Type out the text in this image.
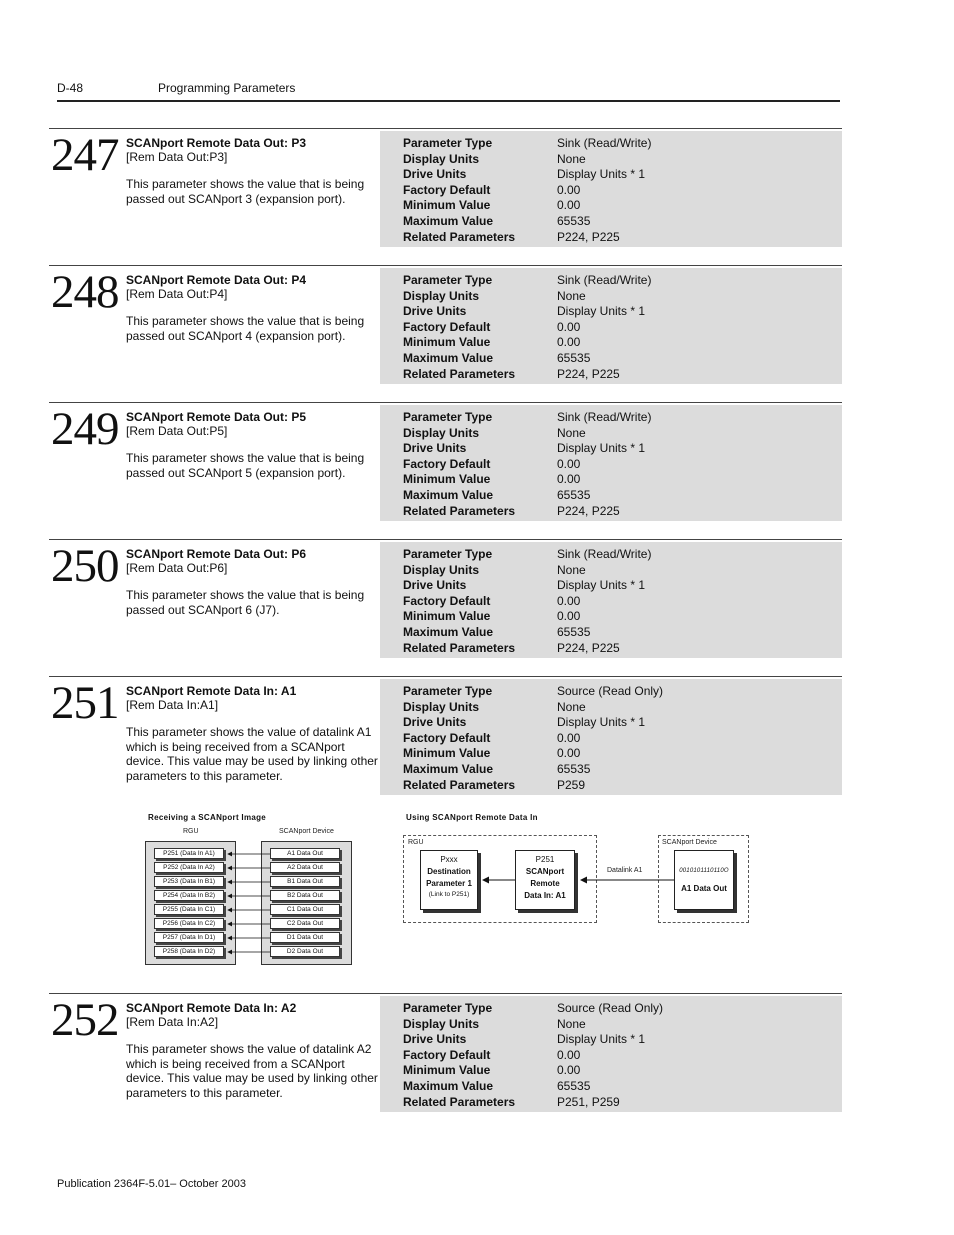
D-48	Programming Parameters
247 SCANport Remote Data Out: P3
[Rem Data Out:P3]
This parameter shows the value that is being passed out SCANport 3 (expansion port).
Parameter Type	Sink (Read/Write)
Display Units	None
Drive Units	Display Units * 1
Factory Default	0.00
Minimum Value	0.00
Maximum Value	65535
Related Parameters	P224, P225
248 SCANport Remote Data Out: P4
[Rem Data Out:P4]
This parameter shows the value that is being passed out SCANport 4 (expansion port).
Parameter Type	Sink (Read/Write)
Display Units	None
Drive Units	Display Units * 1
Factory Default	0.00
Minimum Value	0.00
Maximum Value	65535
Related Parameters	P224, P225
249 SCANport Remote Data Out: P5
[Rem Data Out:P5]
This parameter shows the value that is being passed out SCANport 5 (expansion port).
Parameter Type	Sink (Read/Write)
Display Units	None
Drive Units	Display Units * 1
Factory Default	0.00
Minimum Value	0.00
Maximum Value	65535
Related Parameters	P224, P225
250 SCANport Remote Data Out: P6
[Rem Data Out:P6]
This parameter shows the value that is being passed out SCANport 6 (J7).
Parameter Type	Sink (Read/Write)
Display Units	None
Drive Units	Display Units * 1
Factory Default	0.00
Minimum Value	0.00
Maximum Value	65535
Related Parameters	P224, P225
251 SCANport Remote Data In: A1
[Rem Data In:A1]
This parameter shows the value of datalink A1 which is being received from a SCANport device. This value may be used by linking other parameters to this parameter.
Parameter Type	Source (Read Only)
Display Units	None
Drive Units	Display Units * 1
Factory Default	0.00
Minimum Value	0.00
Maximum Value	65535
Related Parameters	P259
252 SCANport Remote Data In: A2
[Rem Data In:A2]
This parameter shows the value of datalink A2 which is being received from a SCANport device. This value may be used by linking other parameters to this parameter.
Parameter Type	Source (Read Only)
Display Units	None
Drive Units	Display Units * 1
Factory Default	0.00
Minimum Value	0.00
Maximum Value	65535
Related Parameters	P251, P259
Receiving a SCANport Image
RGU	SCANport Device
P251 (Data In A1)
P252 (Data In A2)
P253 (Data In B1)
P254 (Data In B2)
P255 (Data In C1)
P256 (Data In C2)
P257 (Data In D1)
P258 (Data In D2)
A1 Data Out
A2 Data Out
B1 Data Out
B2 Data Out
C1 Data Out
C2 Data Out
D1 Data Out
D2 Data Out
Using SCANport Remote Data In
RGU	SCANport Device
Pxxx
Destination
Parameter 1
(Link to P251)
P251
SCANport
Remote
Data In: A1
Datalink A1	0010101110110O
A1 Data Out
Publication 2364F-5.01– October 2003
